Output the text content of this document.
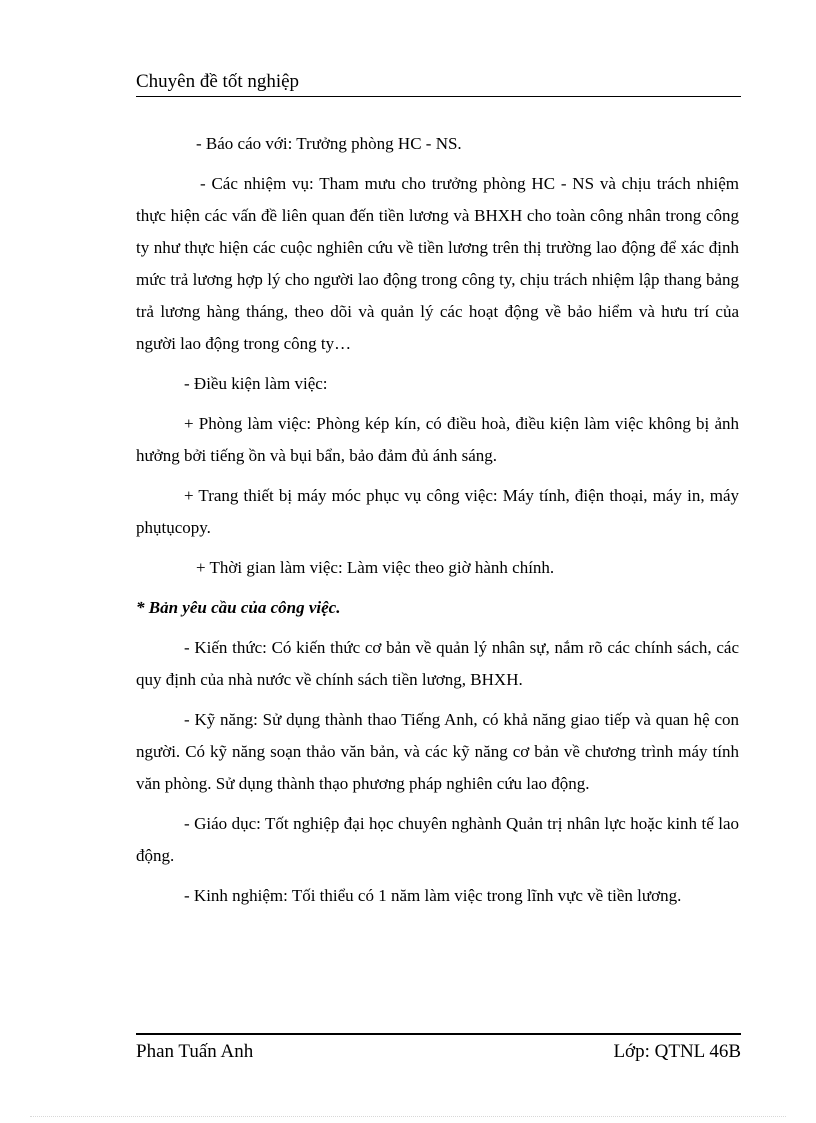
Chuyên đề tốt nghiệp

- Báo cáo với: Trưởng phòng HC - NS.

- Các nhiệm vụ: Tham mưu cho trưởng phòng HC - NS và chịu trách nhiệm thực hiện các vấn đề liên quan đến tiền lương và BHXH cho toàn công nhân trong công ty như thực hiện các cuộc nghiên cứu về tiền lương trên thị trường lao động để xác định mức trả lương hợp lý cho người lao động trong công ty, chịu trách nhiệm lập thang bảng trả lương hàng tháng, theo dõi và quản lý các hoạt động về bảo hiểm và hưu trí của người lao động trong công ty…

- Điều kiện làm việc:

+ Phòng làm việc: Phòng kép kín, có điều hoà, điều kiện làm việc không bị ảnh hưởng bởi tiếng ồn và bụi bẩn, bảo đảm đủ ánh sáng.

+ Trang thiết bị máy móc phục vụ công việc: Máy tính, điện thoại, máy in, máy phụtụcopy.

+ Thời gian làm việc: Làm việc theo giờ hành chính.

* Bản yêu cầu của công việc.

- Kiến thức: Có kiến thức cơ bản về quản lý nhân sự, nắm rõ các chính sách, các quy định của nhà nước về chính sách tiền lương, BHXH.

- Kỹ năng: Sử dụng thành thao Tiếng Anh, có khả năng giao tiếp và quan hệ con người. Có kỹ năng soạn thảo văn bản, và các kỹ năng cơ bản về chương trình máy tính văn phòng. Sử dụng thành thạo phương pháp nghiên cứu lao động.

- Giáo dục: Tốt nghiệp đại học chuyên nghành Quản trị nhân lực hoặc kinh tế lao động.

- Kinh nghiệm: Tối thiểu có 1 năm làm việc trong lĩnh vực về tiền lương.

Phan Tuấn Anh	Lớp: QTNL 46B
